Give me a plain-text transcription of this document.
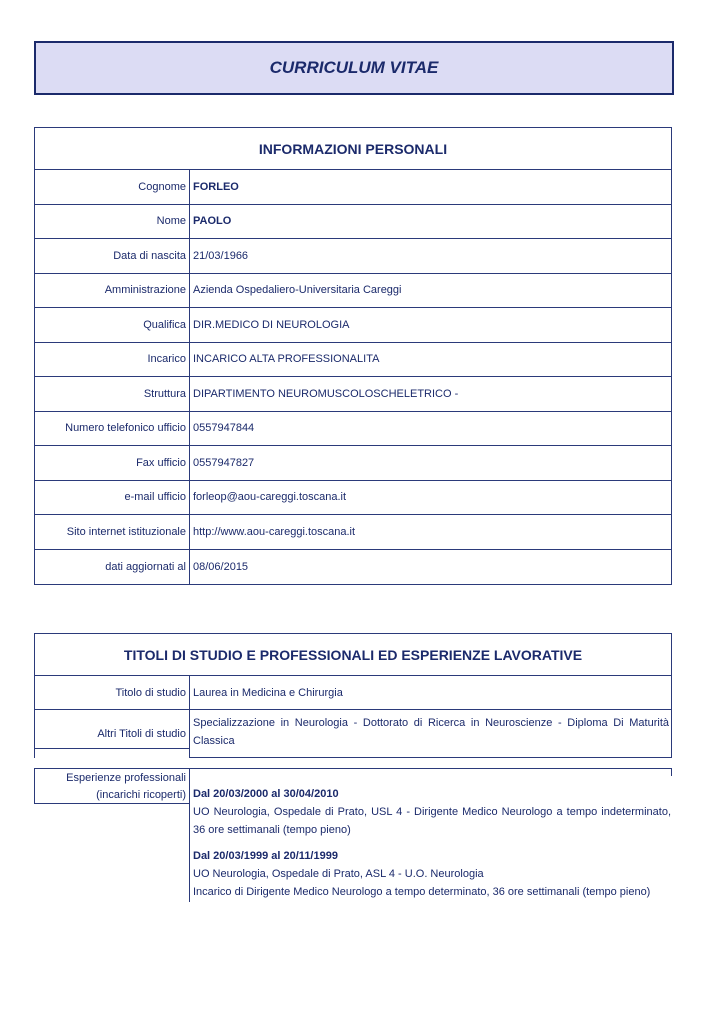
CURRICULUM VITAE
INFORMAZIONI PERSONALI
Cognome FORLEO
Nome PAOLO
Data di nascita 21/03/1966
Amministrazione Azienda Ospedaliero-Universitaria Careggi
Qualifica DIR.MEDICO DI NEUROLOGIA
Incarico INCARICO ALTA PROFESSIONALITA
Struttura DIPARTIMENTO NEUROMUSCOLOSCHELETRICO -
Numero telefonico ufficio 0557947844
Fax ufficio 0557947827
e-mail ufficio forleop@aou-careggi.toscana.it
Sito internet istituzionale http://www.aou-careggi.toscana.it
dati aggiornati al 08/06/2015
TITOLI DI STUDIO E PROFESSIONALI ED ESPERIENZE LAVORATIVE
Titolo di studio Laurea in Medicina e Chirurgia
Altri Titoli di studio
Specializzazione in Neurologia - Dottorato di Ricerca in Neuroscienze - Diploma Di Maturità Classica
Esperienze professionali
(incarichi ricoperti) Dal 20/03/2000 al 30/04/2010

UO Neurologia, Ospedale di Prato, USL 4 - Dirigente Medico Neurologo a tempo indeterminato, 36 ore settimanali (tempo pieno)

Dal 20/03/1999 al 20/11/1999

UO Neurologia, Ospedale di Prato, ASL 4 - U.O. Neurologia

Incarico di Dirigente Medico Neurologo a tempo determinato, 36 ore settimanali (tempo pieno)
